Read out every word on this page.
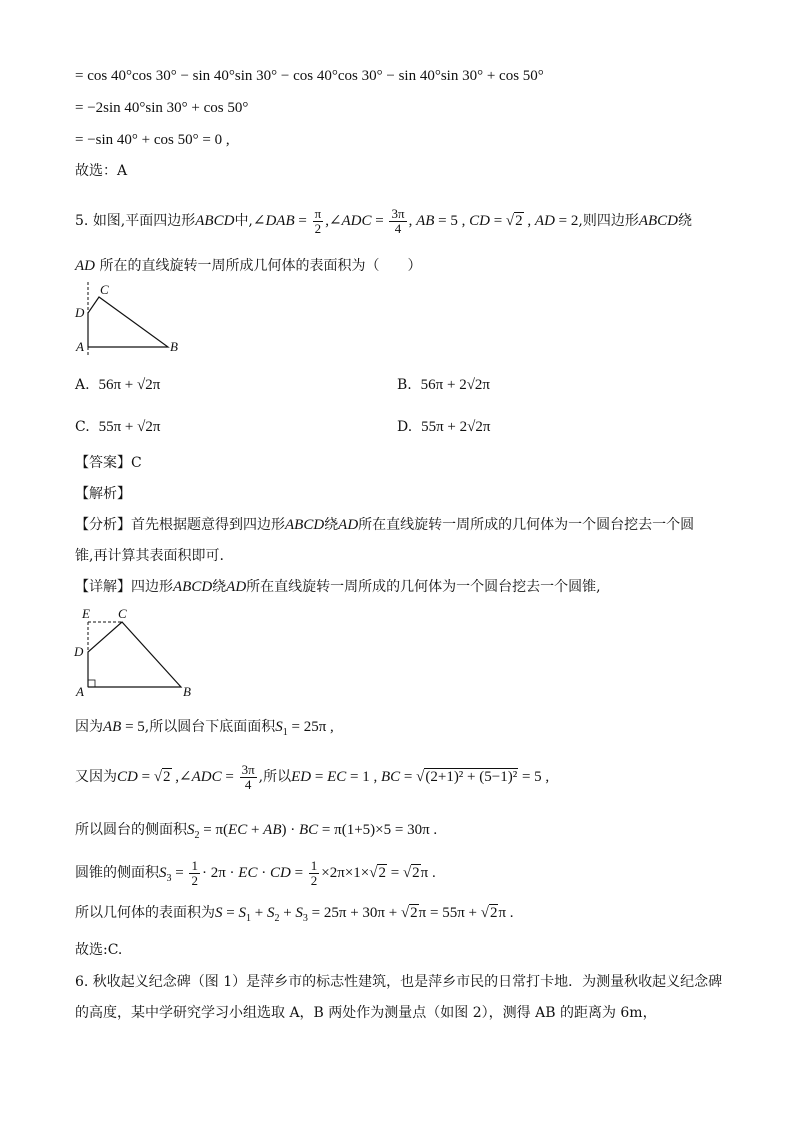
= cos 40°cos 30° − sin 40°sin 30° − cos 40°cos 30° − sin 40°sin 30° + cos 50°
= −2sin 40°sin 30° + cos 50°
= −sin 40° + cos 50° = 0 ,
故选：A
5. 如图,平面四边形ABCD中,∠DAB = $\frac{\pi}{2}$ ,∠ADC = $\frac{3\pi}{4}$ , AB = 5 , CD = √2 , AD = 2,则四边形ABCD绕
AD 所在的直线旋转一周所成几何体的表面积为（　　）
C
D
A	B
A. 56π + √2π	B. 56π + 2√2π
C. 55π + √2π	D. 55π + 2√2π
【答案】C
【解析】
【分析】首先根据题意得到四边形ABCD绕AD所在直线旋转一周所成的几何体为一个圆台挖去一个圆
锥,再计算其表面积即可.
【详解】四边形ABCD绕AD所在直线旋转一周所成的几何体为一个圆台挖去一个圆锥,
E C
D
A	B
因为AB = 5,所以圆台下底面面积$S_1 = 25\pi$ ,
又因为CD = √2 ,∠ADC = $\frac{3\pi}{4}$ ,所以ED = EC = 1 , BC = √(2+1)² + (5−1)² = 5 ,
所以圆台的侧面积$S_2 = \pi(EC + AB)$ · BC = π(1+5)×5 = 30π .
圆锥的侧面积$S_3 = \frac{1}{2} \cdot 2\pi$ · EC · CD = $\frac{1}{2} \times 2\pi\times 1\times√2 = √2\pi$ .
所以几何体的表面积为$S = S_1 + S_2 + S_3 = 25\pi + 30\pi + √2\pi = 55\pi + √2\pi$ .
故选:C.
6. 秋收起义纪念碑（图 1）是萍乡市的标志性建筑，也是萍乡市民的日常打卡地．为测量秋收起义纪念碑
的高度，某中学研究学习小组选取 A，B 两处作为测量点（如图 2），测得 AB 的距离为 6m，
